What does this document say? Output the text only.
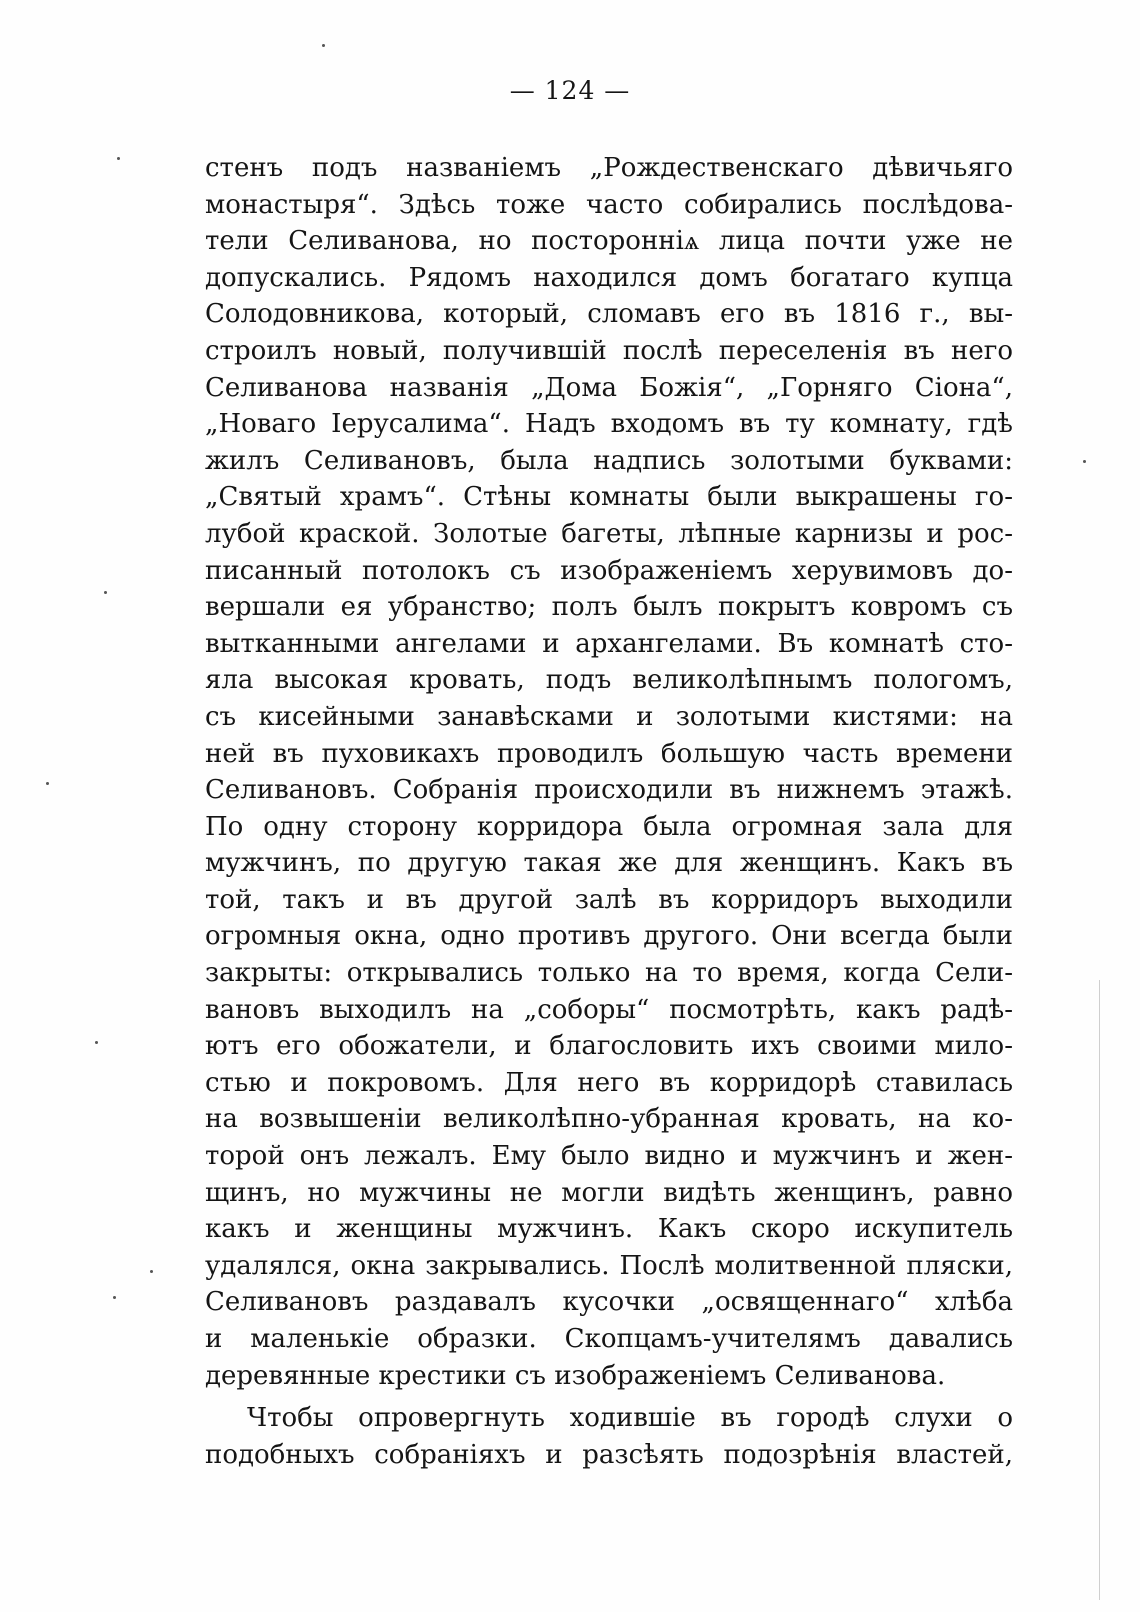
— 124 —
стенъ подъ названіемъ „Рождественскаго дѣвичьяго
монастыря“. Здѣсь тоже часто собирались послѣдова-
тели Селиванова, но посторонніѧ лица почти уже не
допускались. Рядомъ находился домъ богатаго купца
Солодовникова, который, сломавъ его въ 1816 г., вы-
строилъ новый, получившій послѣ переселенія въ него
Селиванова названія „Дома Божія“, „Горняго Сіона“,
„Новаго Іерусалима“. Надъ входомъ въ ту комнату, гдѣ
жилъ Селивановъ, была надпись золотыми буквами:
„Святый храмъ“. Стѣны комнаты были выкрашены го-
лубой краской. Золотые багеты, лѣпные карнизы и рос-
писанный потолокъ съ изображеніемъ херувимовъ до-
вершали ея убранство; полъ былъ покрытъ ковромъ съ
вытканными ангелами и архангелами. Въ комнатѣ сто-
яла высокая кровать, подъ великолѣпнымъ пологомъ,
съ кисейными занавѣсками и золотыми кистями: на
ней въ пуховикахъ проводилъ большую часть времени
Селивановъ. Собранія происходили въ нижнемъ этажѣ.
По одну сторону корридора была огромная зала для
мужчинъ, по другую такая же для женщинъ. Какъ въ
той, такъ и въ другой залѣ въ корридоръ выходили
огромныя окна, одно противъ другого. Они всегда были
закрыты: открывались только на то время, когда Сели-
вановъ выходилъ на „соборы“ посмотрѣть, какъ радѣ-
ютъ его обожатели, и благословить ихъ своими мило-
стью и покровомъ. Для него въ корридорѣ ставилась
на возвышеніи великолѣпно-убранная кровать, на ко-
торой онъ лежалъ. Ему было видно и мужчинъ и жен-
щинъ, но мужчины не могли видѣть женщинъ, равно
какъ и женщины мужчинъ. Какъ скоро искупитель
удалялся, окна закрывались. Послѣ молитвенной пляски,
Селивановъ раздавалъ кусочки „освященнаго“ хлѣба
и маленькіе образки. Скопцамъ-учителямъ давались
деревянные крестики съ изображеніемъ Селиванова.
Чтобы опровергнуть ходившіе въ городѣ слухи о
подобныхъ собраніяхъ и разсѣять подозрѣнія властей,
